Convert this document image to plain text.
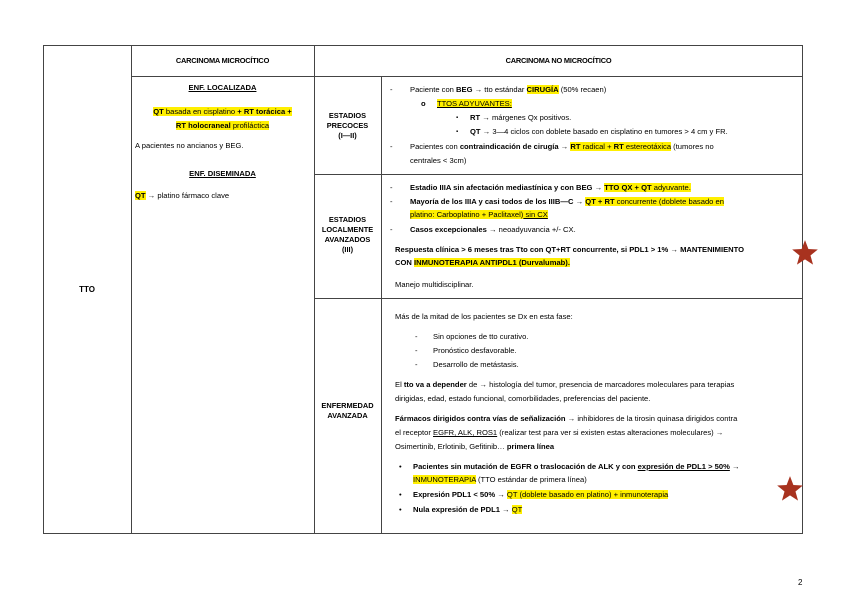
TTO
CARCINOMA MICROCÍTICO	CARCINOMA NO MICROCÍTICO
ENF. LOCALIZADA
QT basada en cisplatino + RT torácica +
RT holocraneal profiláctica
A pacientes no ancianos y BEG.
ENF. DISEMINADA
QT → platino fármaco clave
ESTADIOS
PRECOCES
(I—II)
- Paciente con BEG → tto estándar CIRUGÍA (50% recaen)
o TTOS ADYUVANTES:
▪ RT → márgenes Qx positivos.
▪ QT → 3—4 ciclos con doblete basado en cisplatino en tumores > 4 cm y FR.
- Pacientes con contraindicación de cirugía → RT radical + RT estereotáxica (tumores no
centrales < 3cm)
ESTADIOS
LOCALMENTE
AVANZADOS
(III)
- Estadio IIIA sin afectación mediastínica y con BEG → TTO QX + QT adyuvante.
- Mayoría de los IIIA y casi todos de los IIIB—C → QT + RT concurrente (doblete basado en
platino: Carboplatino + Paclitaxel) sin CX
- Casos excepcionales → neoadyuvancia +/- CX.
Respuesta clínica > 6 meses tras Tto con QT+RT concurrente, si PDL1 > 1% → MANTENIMIENTO
CON INMUNOTERAPIA ANTIPDL1 (Durvalumab).
Manejo multidisciplinar.
ENFERMEDAD
AVANZADA
Más de la mitad de los pacientes se Dx en esta fase:
- Sin opciones de tto curativo.
- Pronóstico desfavorable.
- Desarrollo de metástasis.
El tto va a depender de → histología del tumor, presencia de marcadores moleculares para terapias
dirigidas, edad, estado funcional, comorbilidades, preferencias del paciente.
Fármacos dirigidos contra vías de señalización → inhibidores de la tirosin quinasa dirigidos contra
el receptor EGFR, ALK, ROS1 (realizar test para ver si existen estas alteraciones moleculares) →
Osimertinib, Erlotinib, Gefitinib… primera línea
• Pacientes sin mutación de EGFR o traslocación de ALK y con expresión de PDL1 > 50% →
INMUNOTERAPIA (TTO estándar de primera línea)
• Expresión PDL1 < 50% → QT (doblete basado en platino) + inmunoterapia
• Nula expresión de PDL1 → QT
2
